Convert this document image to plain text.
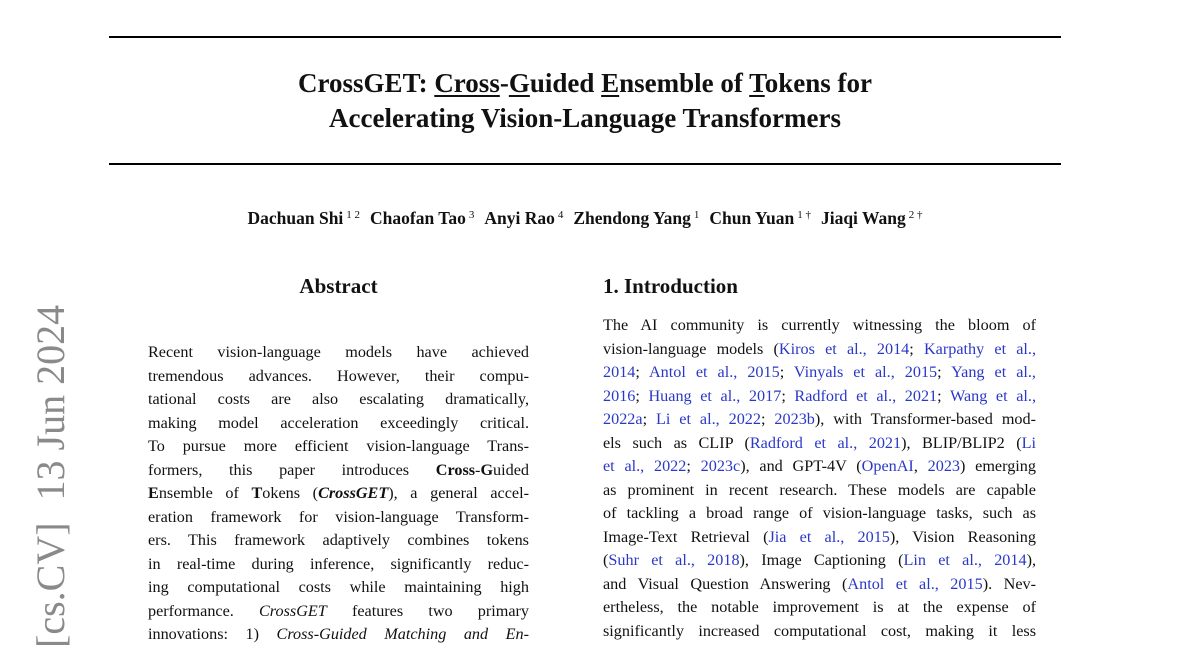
CrossGET: Cross-Guided Ensemble of Tokens for
Accelerating Vision-Language Transformers
Dachuan Shi $^{1 2}$ Chaofan Tao $^3$ Anyi Rao $^4$ Zhendong Yang $^1$ Chun Yuan $^{1 \dagger}$ Jiaqi Wang $^{2 \dagger}$
[cs.CV]13 Jun 2024
Abstract
Recent vision-language models have achieved
tremendous advances. However, their compu-
tational costs are also escalating dramatically,
making model acceleration exceedingly critical.
To pursue more efficient vision-language Trans-
formers, this paper introduces Cross-Guided
Ensemble of Tokens (CrossGET), a general accel-
eration framework for vision-language Transform-
ers. This framework adaptively combines tokens
in real-time during inference, significantly reduc-
ing computational costs while maintaining high
performance. CrossGET features two primary
innovations: 1) Cross-Guided Matching and En-
1. Introduction
The AI community is currently witnessing the bloom of
vision-language models (Kiros et al., 2014; Karpathy et al.,
2014; Antol et al., 2015; Vinyals et al., 2015; Yang et al.,
2016; Huang et al., 2017; Radford et al., 2021; Wang et al.,
2022a; Li et al., 2022; 2023b), with Transformer-based mod-
els such as CLIP (Radford et al., 2021), BLIP/BLIP2 (Li
et al., 2022; 2023c), and GPT-4V (OpenAI, 2023) emerging
as prominent in recent research. These models are capable
of tackling a broad range of vision-language tasks, such as
Image-Text Retrieval (Jia et al., 2015), Vision Reasoning
(Suhr et al., 2018), Image Captioning (Lin et al., 2014),
and Visual Question Answering (Antol et al., 2015). Nev-
ertheless, the notable improvement is at the expense of
significantly increased computational cost, making it less
